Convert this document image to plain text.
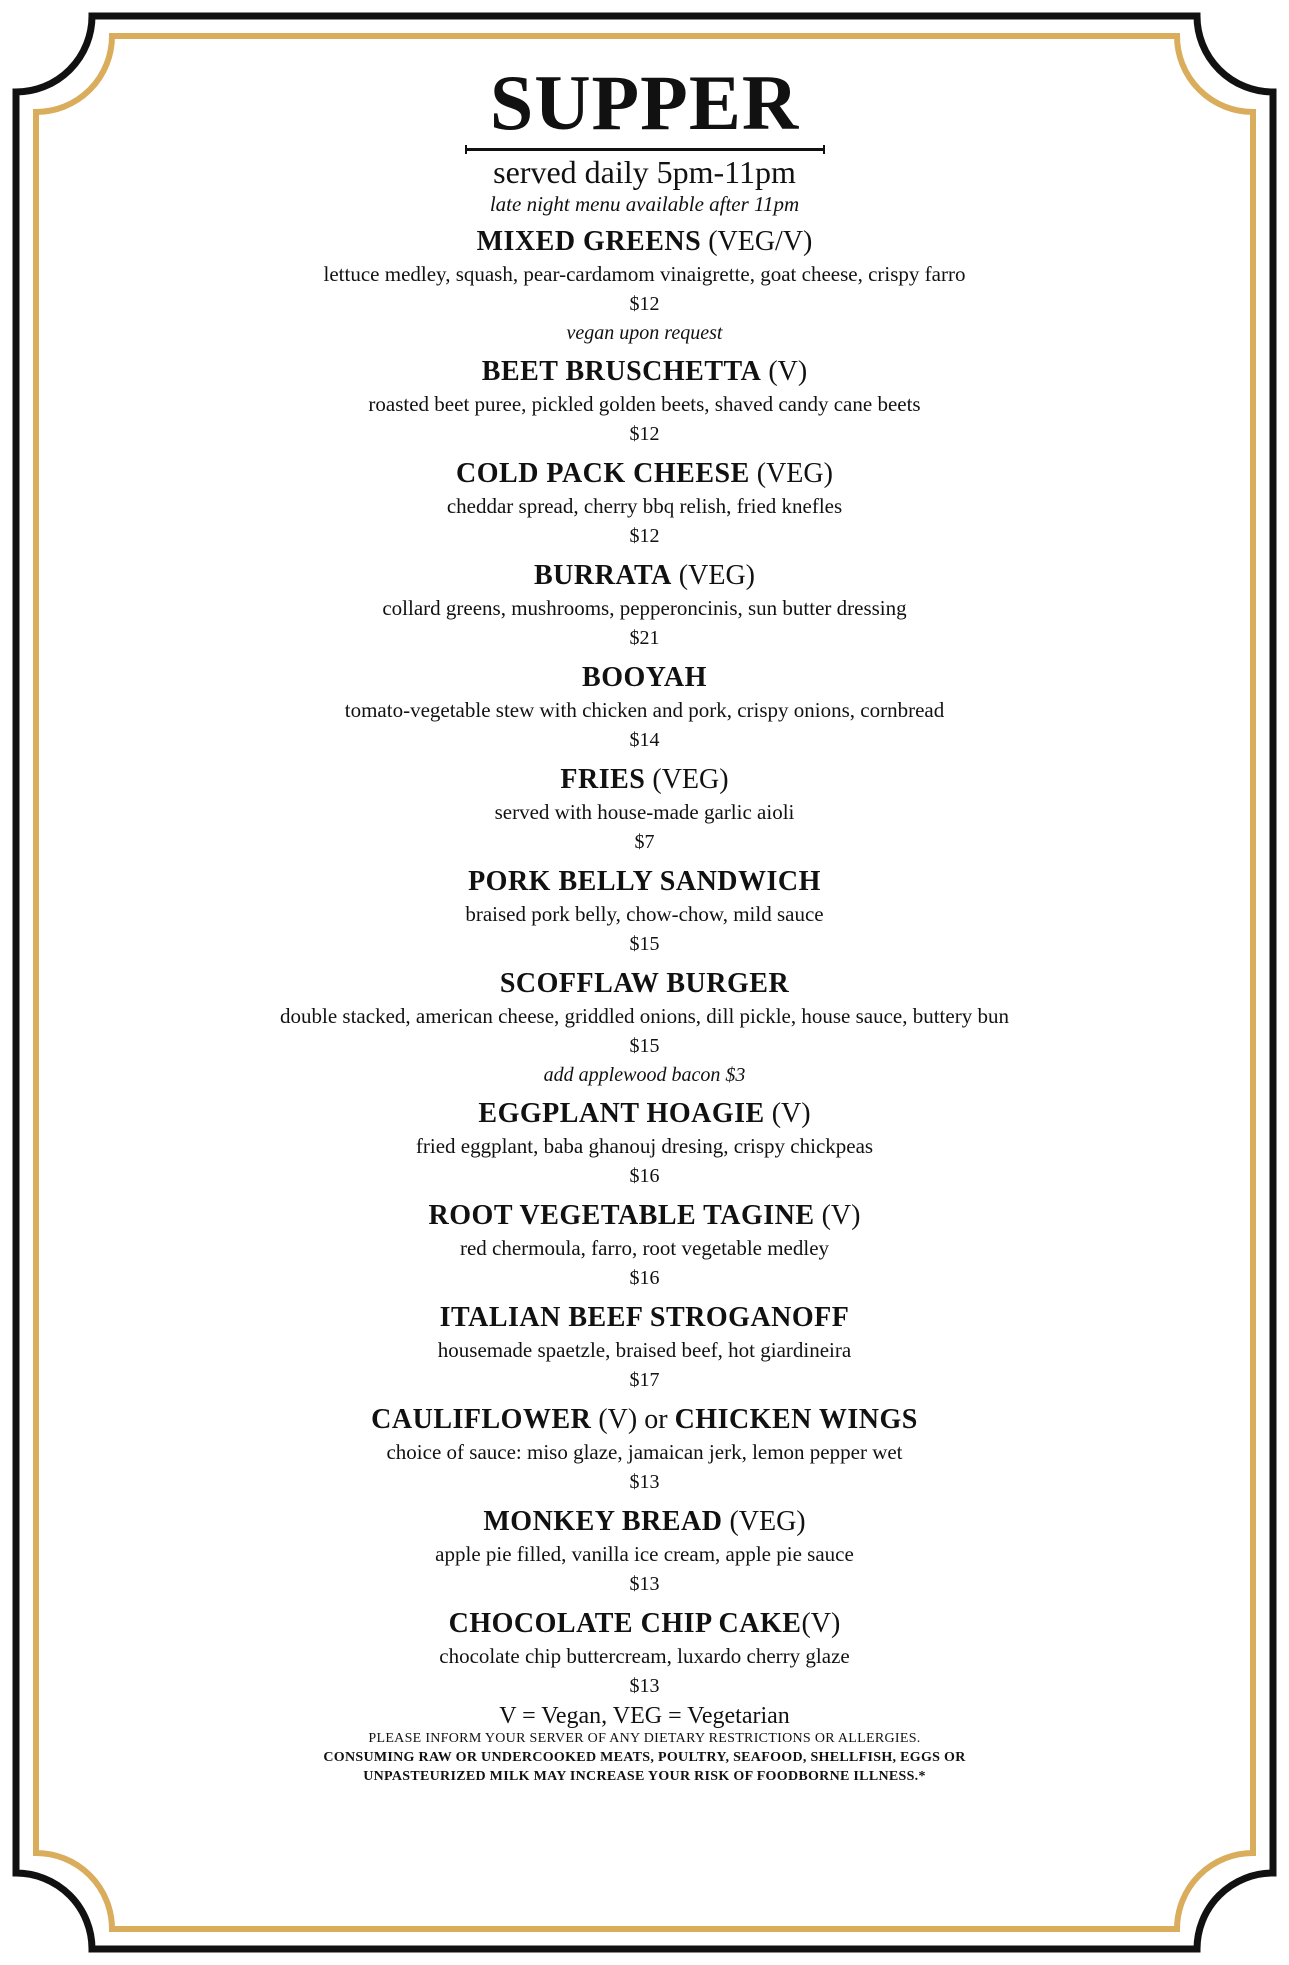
SUPPER
served daily 5pm-11pm
late night menu available after 11pm
MIXED GREENS (VEG/V)
lettuce medley, squash, pear-cardamom vinaigrette, goat cheese, crispy farro
$12
vegan upon request
BEET BRUSCHETTA (V)
roasted beet puree, pickled golden beets, shaved candy cane beets
$12
COLD PACK CHEESE (VEG)
cheddar spread, cherry bbq relish, fried knefles
$12
BURRATA (VEG)
collard greens, mushrooms, pepperoncinis, sun butter dressing
$21
BOOYAH
tomato-vegetable stew with chicken and pork, crispy onions, cornbread
$14
FRIES (VEG)
served with house-made garlic aioli
$7
PORK BELLY SANDWICH
braised pork belly, chow-chow, mild sauce
$15
SCOFFLAW BURGER
double stacked, american cheese, griddled onions, dill pickle, house sauce, buttery bun
$15
add applewood bacon $3
EGGPLANT HOAGIE (V)
fried eggplant, baba ghanouj dresing, crispy chickpeas
$16
ROOT VEGETABLE TAGINE (V)
red chermoula, farro, root vegetable medley
$16
ITALIAN BEEF STROGANOFF
housemade spaetzle, braised beef, hot giardineira
$17
CAULIFLOWER (V) or CHICKEN WINGS
choice of sauce: miso glaze, jamaican jerk, lemon pepper wet
$13
MONKEY BREAD (VEG)
apple pie filled, vanilla ice cream, apple pie sauce
$13
CHOCOLATE CHIP CAKE(V)
chocolate chip buttercream, luxardo cherry glaze
$13
V = Vegan, VEG = Vegetarian
PLEASE INFORM YOUR SERVER OF ANY DIETARY RESTRICTIONS OR ALLERGIES.
CONSUMING RAW OR UNDERCOOKED MEATS, POULTRY, SEAFOOD, SHELLFISH, EGGS OR
UNPASTEURIZED MILK MAY INCREASE YOUR RISK OF FOODBORNE ILLNESS.*
